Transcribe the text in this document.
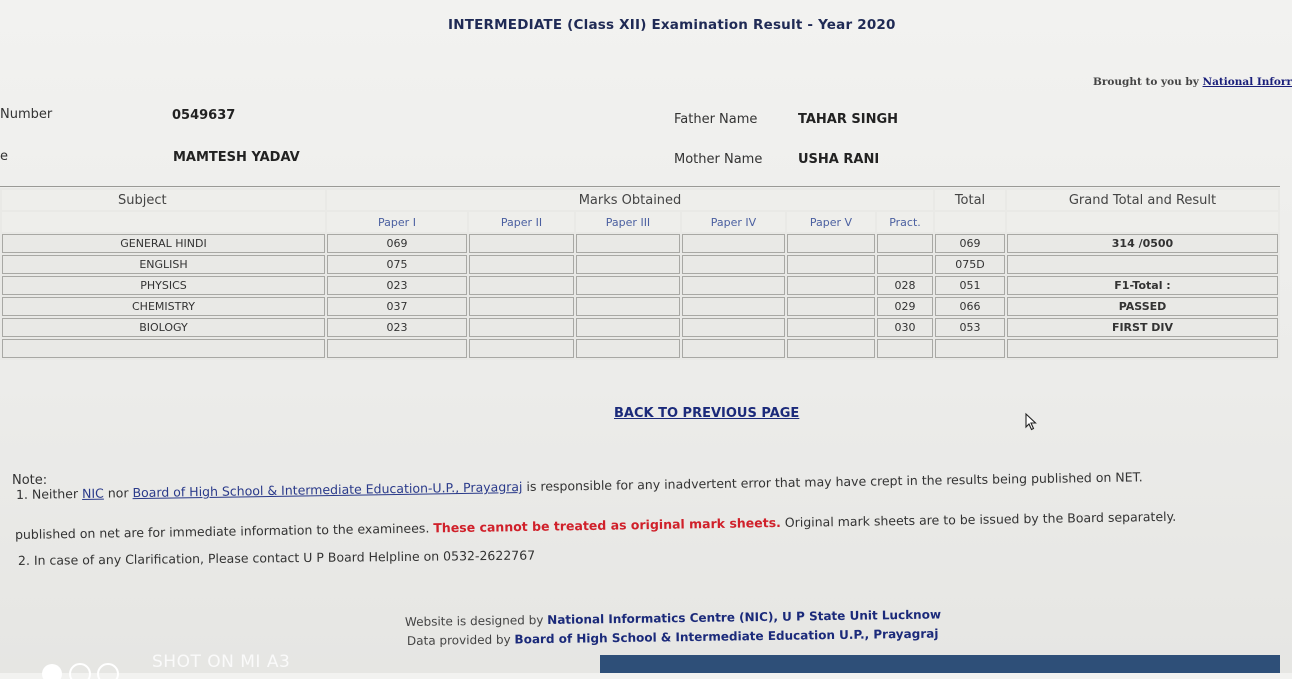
INTERMEDIATE (Class XII) Examination Result - Year 2020
Brought to you by National Inforr
Number	0549637
e	MAMTESH YADAV
Father Name	TAHAR SINGH
Mother Name	USHA RANI
Subject	Marks Obtained						Total	Grand Total and Result
	Paper I	Paper II	Paper III	Paper IV	Paper V	Pract.		
GENERAL HINDI	069						069	314 /0500
ENGLISH	075						075D	
PHYSICS	023					028	051	F1-Total :
CHEMISTRY	037					029	066	PASSED
BIOLOGY	023					030	053	FIRST DIV

BACK TO PREVIOUS PAGE
Note:
1. Neither NIC nor Board of High School & Intermediate Education-U.P., Prayagraj is responsible for any inadvertent error that may have crept in the results being published on NET.
published on net are for immediate information to the examinees. These cannot be treated as original mark sheets. Original mark sheets are to be issued by the Board separately.
2. In case of any Clarification, Please contact U P Board Helpline on 0532-2622767
Website is designed by National Informatics Centre (NIC), U P State Unit Lucknow
Data provided by Board of High School & Intermediate Education U.P., Prayagraj
SHOT ON MI A3
